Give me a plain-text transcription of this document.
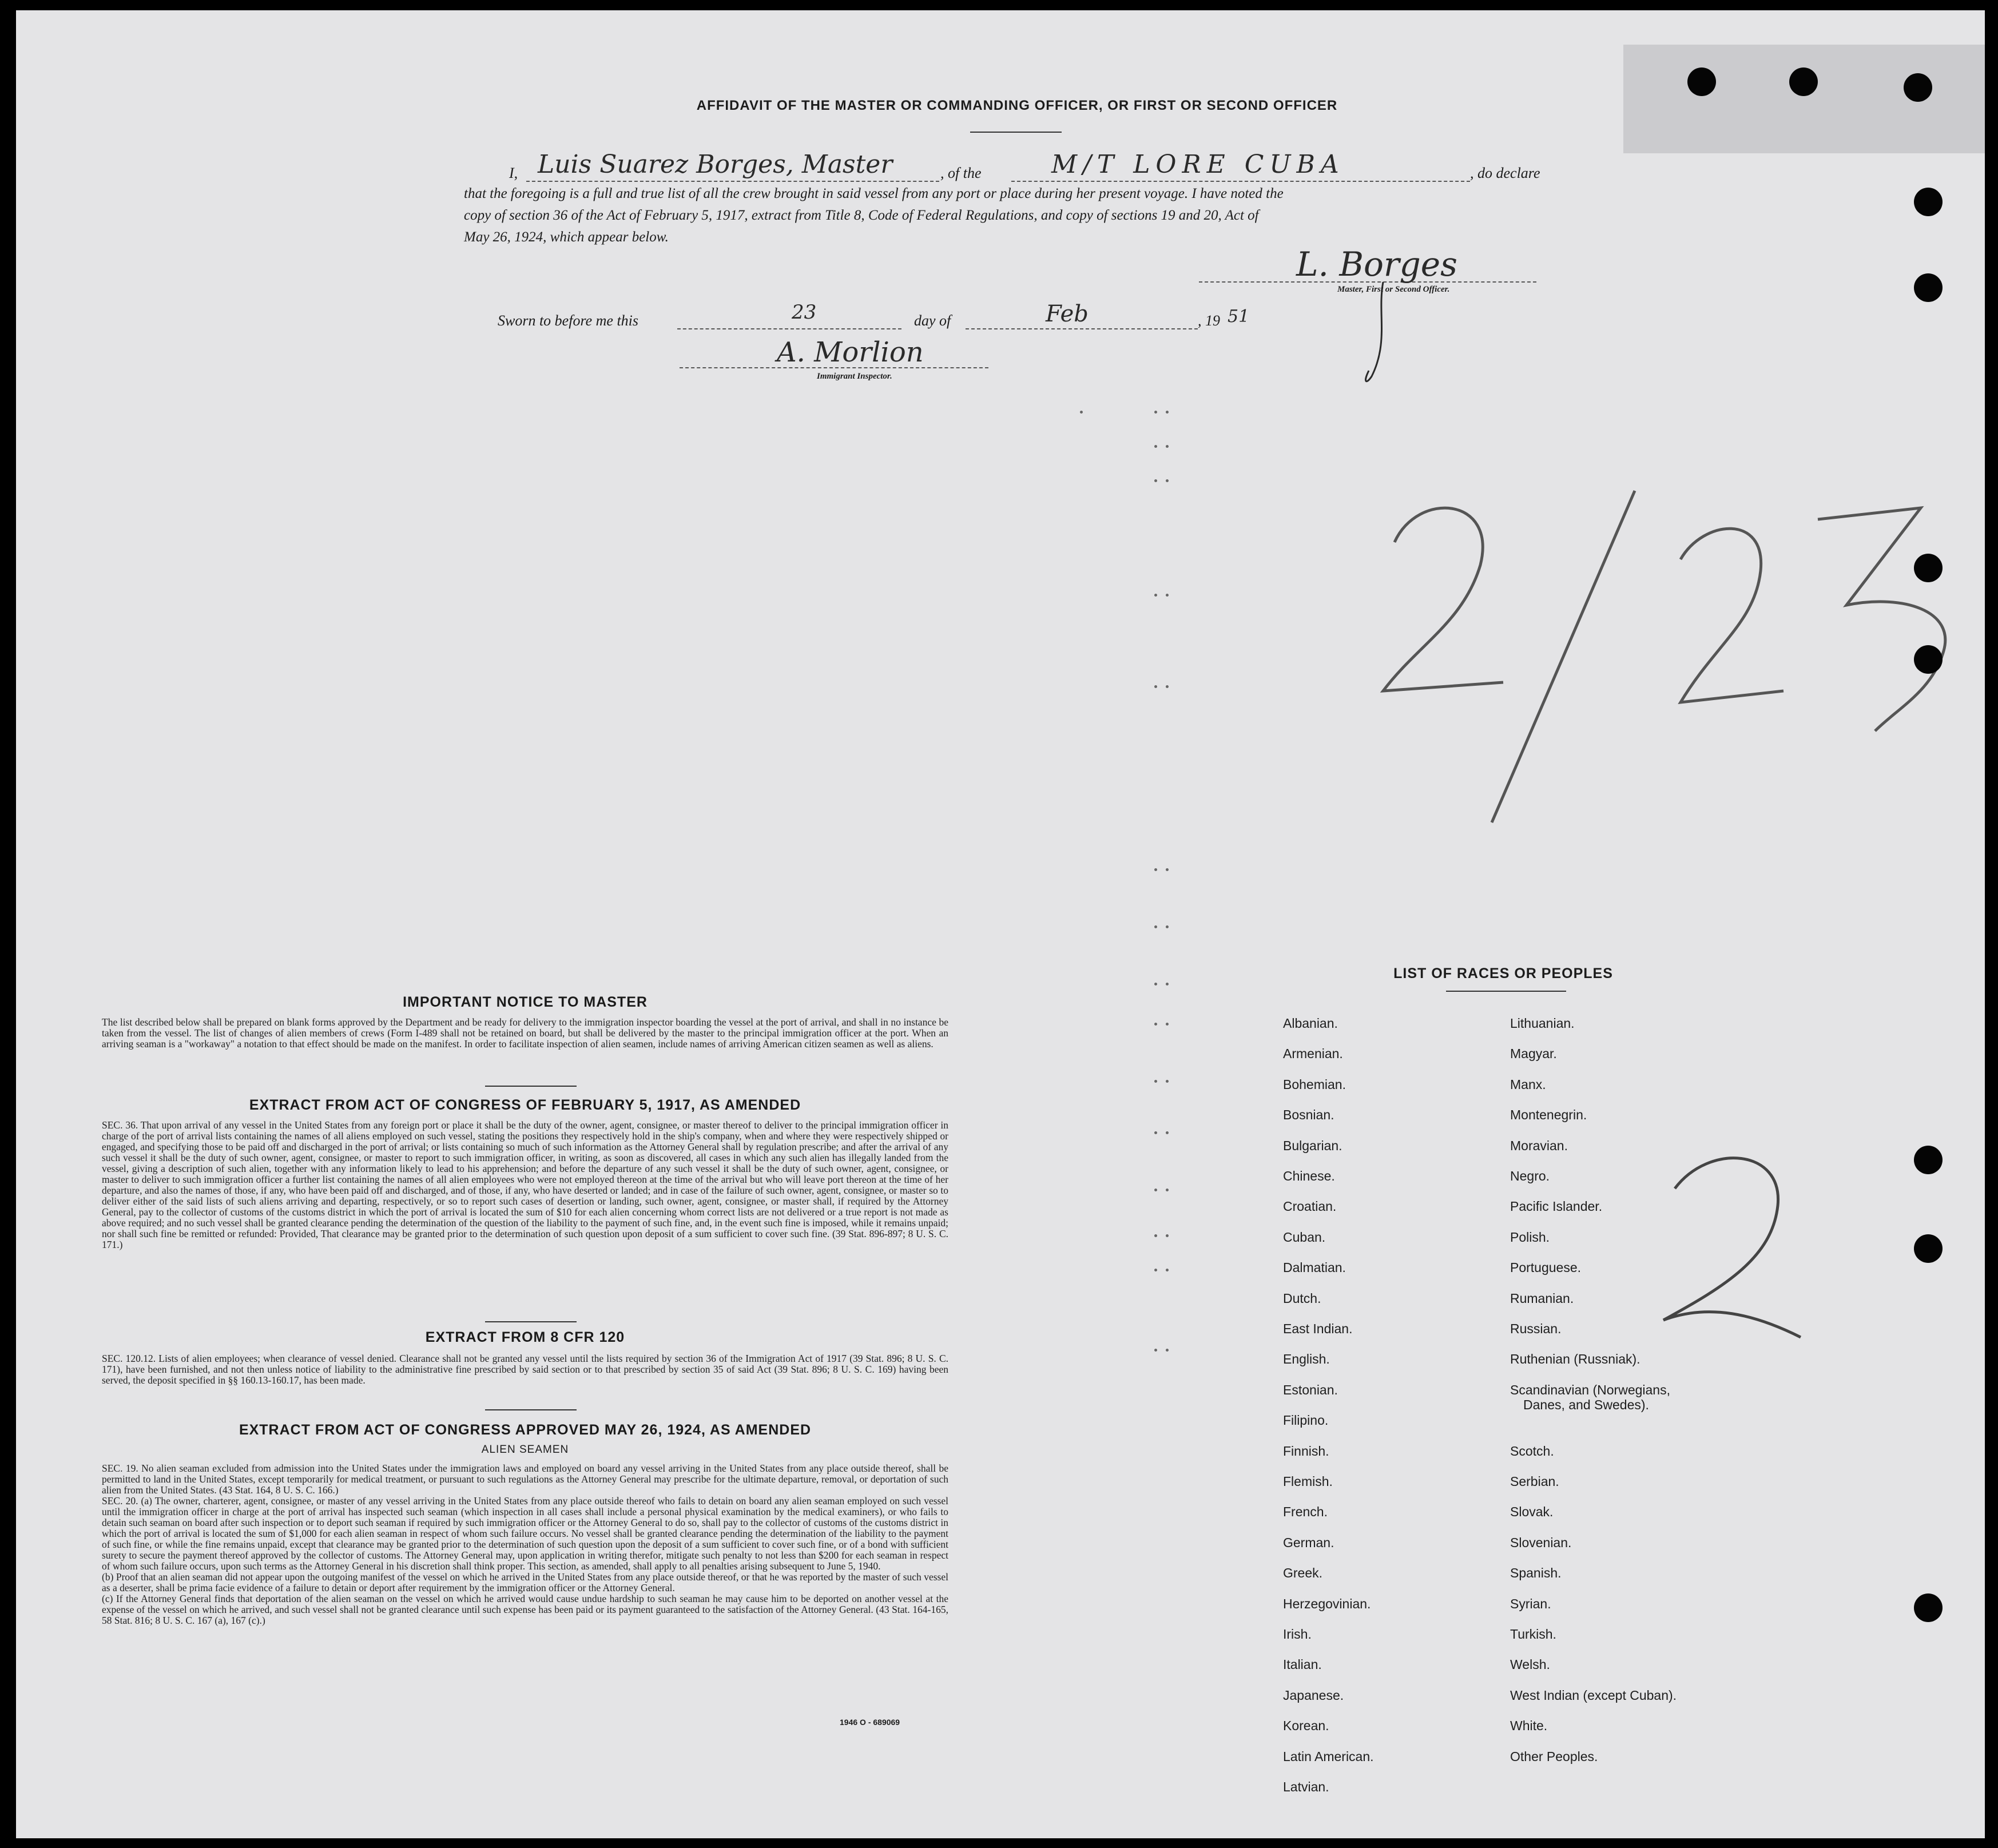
AFFIDAVIT OF THE MASTER OR COMMANDING OFFICER, OR FIRST OR SECOND OFFICER
I, Luis Suarez Borges, Master	, of the	M/T LORE CUBA	, do declare
that the foregoing is a full and true list of all the crew brought in said vessel from any port or place during her present voyage. I have noted the
copy of section 36 of the Act of February 5, 1917, extract from Title 8, Code of Federal Regulations, and copy of sections 19 and 20, Act of
May 26, 1924, which appear below.
L. Borges
Master, First or Second Officer.
Sworn to before me this	23	day of	Feb	, 19 51
A. Morlion
Immigrant Inspector.
2/23
2
IMPORTANT NOTICE TO MASTER
The list described below shall be prepared on blank forms approved by the Department and be ready for delivery to the immigration inspector boarding the vessel at the port of arrival, and shall in no instance be taken from the vessel. The list of changes of alien members of crews (Form I-489 shall not be retained on board, but shall be delivered by the master to the principal immigration officer at the port. When an arriving seaman is a "workaway" a notation to that effect should be made on the manifest. In order to facilitate inspection of alien seamen, include names of arriving American citizen seamen as well as aliens.
EXTRACT FROM ACT OF CONGRESS OF FEBRUARY 5, 1917, AS AMENDED
SEC. 36. That upon arrival of any vessel in the United States from any foreign port or place it shall be the duty of the owner, agent, consignee, or master thereof to deliver to the principal immigration officer in charge of the port of arrival lists containing the names of all aliens employed on such vessel, stating the positions they respectively hold in the ship's company, when and where they were respectively shipped or engaged, and specifying those to be paid off and discharged in the port of arrival; or lists containing so much of such information as the Attorney General shall by regulation prescribe; and after the arrival of any such vessel it shall be the duty of such owner, agent, consignee, or master to report to such immigration officer, in writing, as soon as discovered, all cases in which any such alien has illegally landed from the vessel, giving a description of such alien, together with any information likely to lead to his apprehension; and before the departure of any such vessel it shall be the duty of such owner, agent, consignee, or master to deliver to such immigration officer a further list containing the names of all alien employees who were not employed thereon at the time of the arrival but who will leave port thereon at the time of her departure, and also the names of those, if any, who have been paid off and discharged, and of those, if any, who have deserted or landed; and in case of the failure of such owner, agent, consignee, or master so to deliver either of the said lists of such aliens arriving and departing, respectively, or so to report such cases of desertion or landing, such owner, agent, consignee, or master shall, if required by the Attorney General, pay to the collector of customs of the customs district in which the port of arrival is located the sum of $10 for each alien concerning whom correct lists are not delivered or a true report is not made as above required; and no such vessel shall be granted clearance pending the determination of the question of the liability to the payment of such fine, and, in the event such fine is imposed, while it remains unpaid; nor shall such fine be remitted or refunded: Provided, That clearance may be granted prior to the determination of such question upon deposit of a sum sufficient to cover such fine. (39 Stat. 896-897; 8 U. S. C. 171.)
EXTRACT FROM 8 CFR 120
SEC. 120.12. Lists of alien employees; when clearance of vessel denied. Clearance shall not be granted any vessel until the lists required by section 36 of the Immigration Act of 1917 (39 Stat. 896; 8 U. S. C. 171), have been furnished, and not then unless notice of liability to the administrative fine prescribed by said section or to that prescribed by section 35 of said Act (39 Stat. 896; 8 U. S. C. 169) having been served, the deposit specified in §§ 160.13-160.17, has been made.
EXTRACT FROM ACT OF CONGRESS APPROVED MAY 26, 1924, AS AMENDED
ALIEN SEAMEN
SEC. 19. No alien seaman excluded from admission into the United States under the immigration laws and employed on board any vessel arriving in the United States from any place outside thereof, shall be permitted to land in the United States, except temporarily for medical treatment, or pursuant to such regulations as the Attorney General may prescribe for the ultimate departure, removal, or deportation of such alien from the United States. (43 Stat. 164, 8 U. S. C. 166.)
SEC. 20. (a) The owner, charterer, agent, consignee, or master of any vessel arriving in the United States from any place outside thereof who fails to detain on board any alien seaman employed on such vessel until the immigration officer in charge at the port of arrival has inspected such seaman (which inspection in all cases shall include a personal physical examination by the medical examiners), or who fails to detain such seaman on board after such inspection or to deport such seaman if required by such immigration officer or the Attorney General to do so, shall pay to the collector of customs of the customs district in which the port of arrival is located the sum of $1,000 for each alien seaman in respect of whom such failure occurs. No vessel shall be granted clearance pending the determination of the liability to the payment of such fine, or while the fine remains unpaid, except that clearance may be granted prior to the determination of such question upon the deposit of a sum sufficient to cover such fine, or of a bond with sufficient surety to secure the payment thereof approved by the collector of customs. The Attorney General may, upon application in writing therefor, mitigate such penalty to not less than $200 for each seaman in respect of whom such failure occurs, upon such terms as the Attorney General in his discretion shall think proper. This section, as amended, shall apply to all penalties arising subsequent to June 5, 1940.
(b) Proof that an alien seaman did not appear upon the outgoing manifest of the vessel on which he arrived in the United States from any place outside thereof, or that he was reported by the master of such vessel as a deserter, shall be prima facie evidence of a failure to detain or deport after requirement by the immigration officer or the Attorney General.
(c) If the Attorney General finds that deportation of the alien seaman on the vessel on which he arrived would cause undue hardship to such seaman he may cause him to be deported on another vessel at the expense of the vessel on which he arrived, and such vessel shall not be granted clearance until such expense has been paid or its payment guaranteed to the satisfaction of the Attorney General. (43 Stat. 164-165, 58 Stat. 816; 8 U. S. C. 167 (a), 167 (c).)
1946 O - 689069
LIST OF RACES OR PEOPLES
Albanian.
Armenian.
Bohemian.
Bosnian.
Bulgarian.
Chinese.
Croatian.
Cuban.
Dalmatian.
Dutch.
East Indian.
English.
Estonian.
Filipino.
Finnish.
Flemish.
French.
German.
Greek.
Herzegovinian.
Irish.
Italian.
Japanese.
Korean.
Latin American.
Latvian.
Lithuanian.
Magyar.
Manx.
Montenegrin.
Moravian.
Negro.
Pacific Islander.
Polish.
Portuguese.
Rumanian.
Russian.
Ruthenian (Russniak).
Scandinavian (Norwegians,
Danes, and Swedes).
Scotch.
Serbian.
Slovak.
Slovenian.
Spanish.
Syrian.
Turkish.
Welsh.
West Indian (except Cuban).
White.
Other Peoples.
